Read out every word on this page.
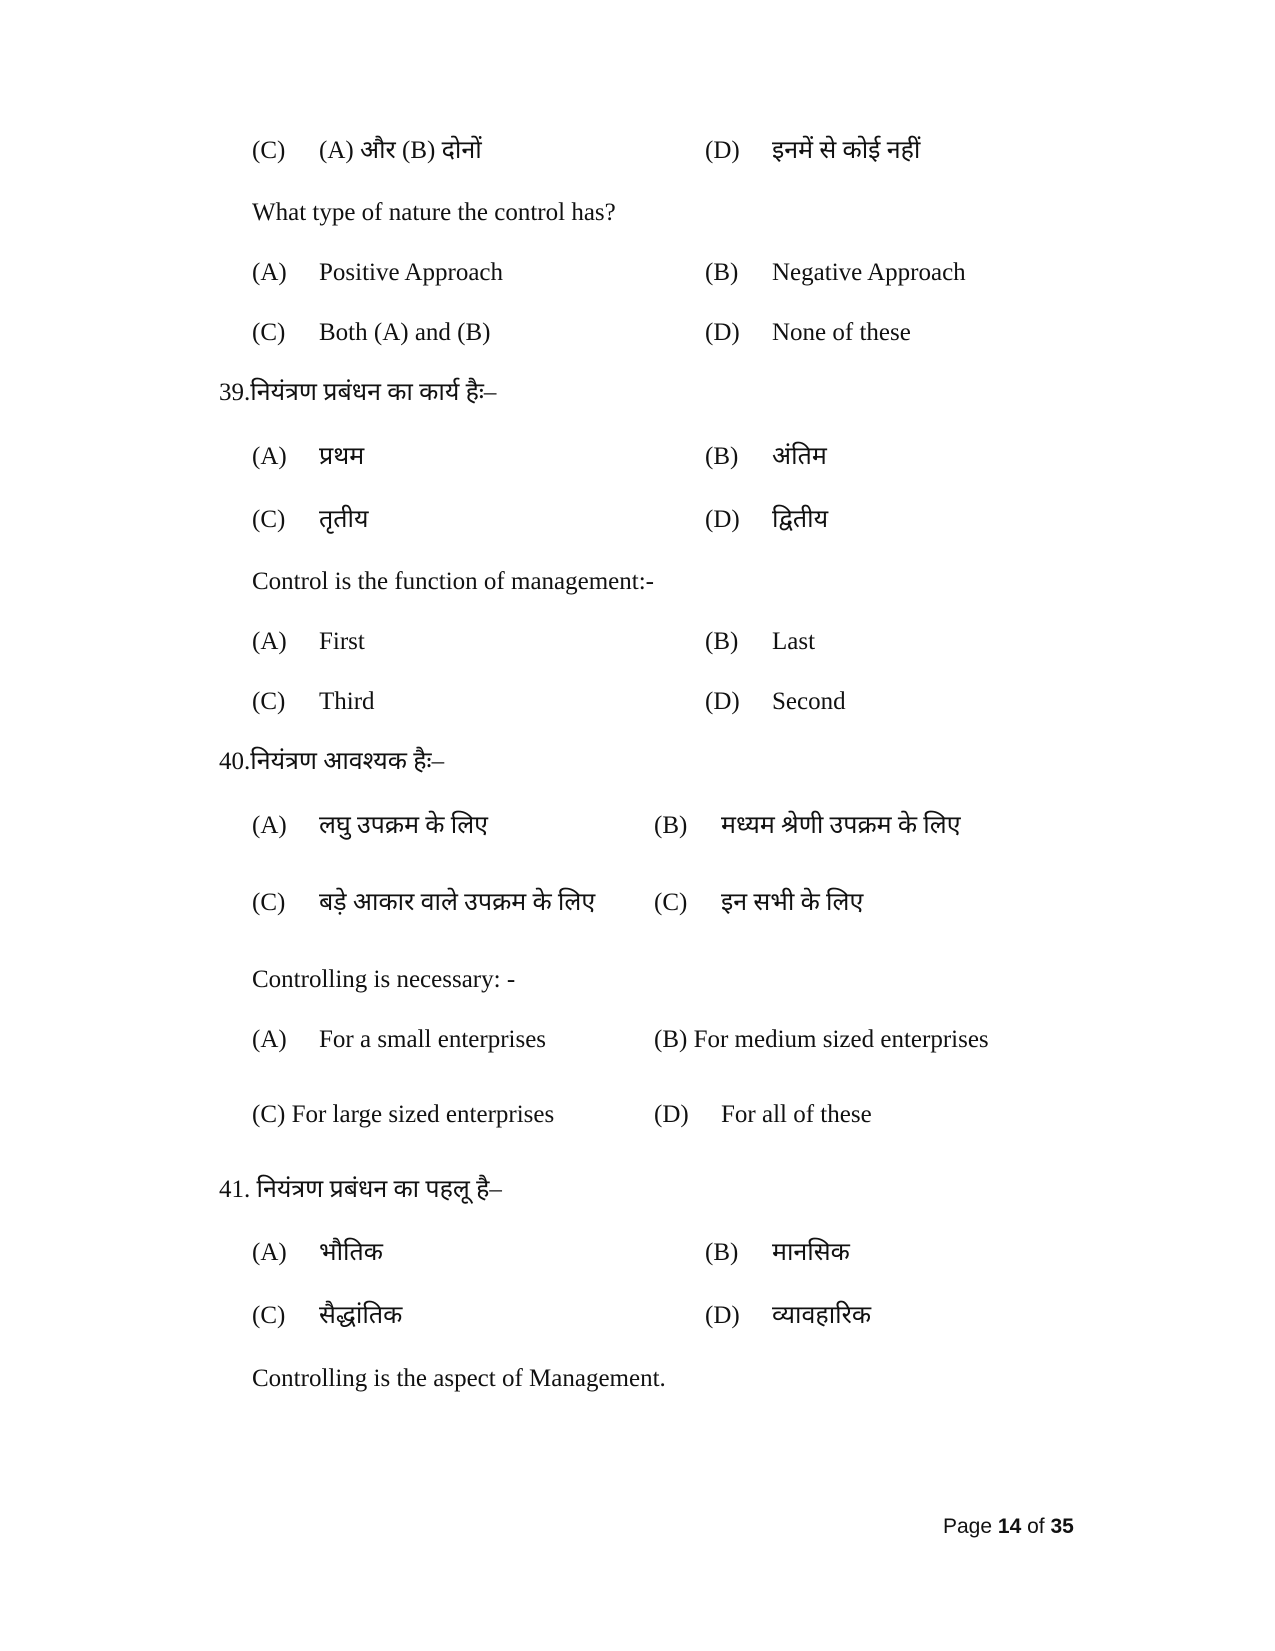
(C) (A) और (B) दोनों	(D) इनमें से कोई नहीं
What type of nature the control has?
(A) Positive Approach	(B) Negative Approach
(C) Both (A) and (B)	(D) None of these
39.नियंत्रण प्रबंधन का कार्य हैः–
(A) प्रथम	(B) अंतिम
(C) तृतीय	(D) द्वितीय
Control is the function of management:-
(A) First	(B) Last
(C) Third	(D) Second
40.नियंत्रण आवश्यक हैः–
(A) लघु उपक्रम के लिए	(B) मध्यम श्रेणी उपक्रम के लिए
(C) बड़े आकार वाले उपक्रम के लिए (C) इन सभी के लिए
Controlling is necessary: -
(A) For a small enterprises	(B) For medium sized enterprises
(C) For large sized enterprises	(D) For all of these
41. नियंत्रण प्रबंधन का पहलू है–
(A) भौतिक	(B) मानसिक
(C) सैद्धांतिक	(D) व्यावहारिक
Controlling is the aspect of Management.
Page 14 of 35
